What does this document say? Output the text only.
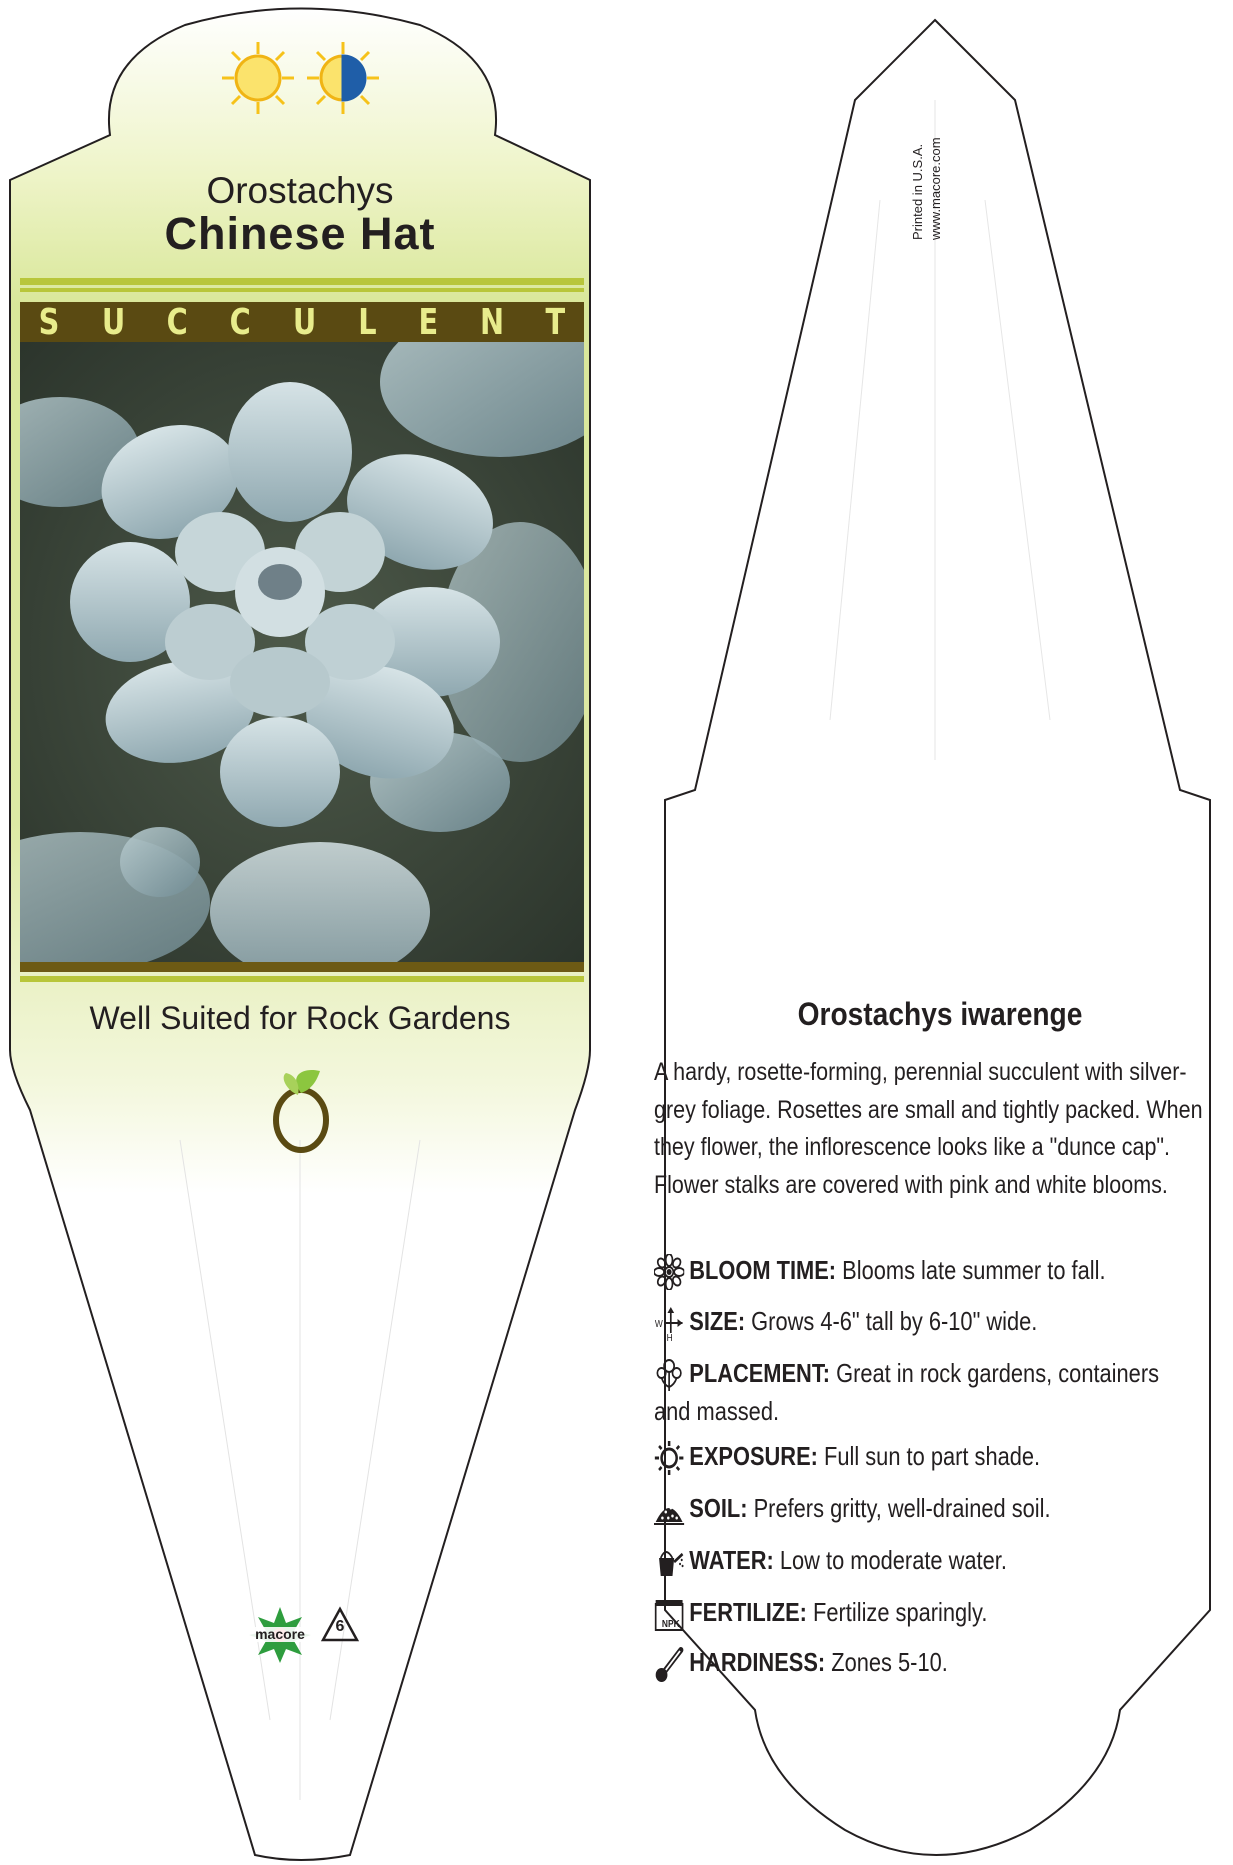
Orostachys
Chinese Hat
S U C C U L E N T
Well Suited for Rock Gardens
macore	6
Printed in U.S.A. www.macore.com
Orostachys iwarenge
A hardy, rosette-forming, perennial succulent with silver-grey foliage. Rosettes are small and tightly packed. When they flower, the inflorescence looks like a "dunce cap". Flower stalks are covered with pink and white blooms.
BLOOM TIME: Blooms late summer to fall.
W
H
SIZE: Grows 4-6" tall by 6-10" wide.
PLACEMENT: Great in rock gardens, containers
and massed.
EXPOSURE: Full sun to part shade.
SOIL: Prefers gritty, well-drained soil.
WATER: Low to moderate water.
FERTILIZE: Fertilize sparingly.
NPK
HARDINESS: Zones 5-10.
